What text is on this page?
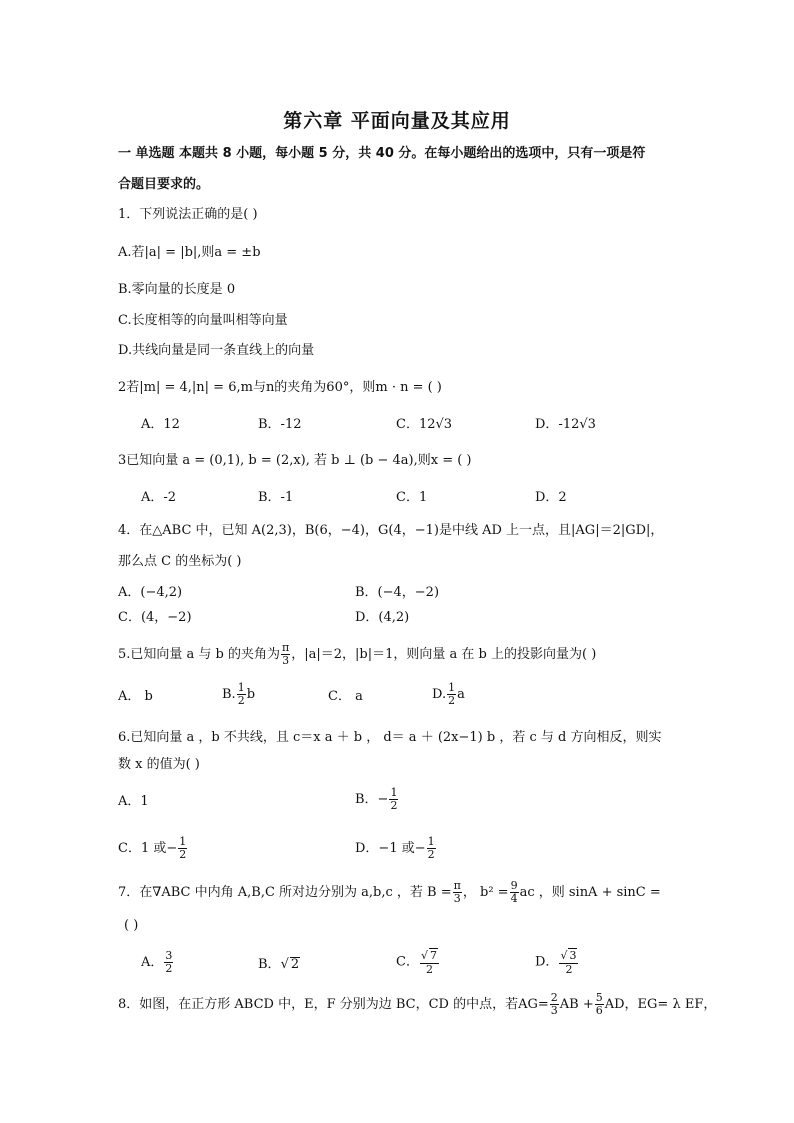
第六章 平面向量及其应用
一 单选题 本题共 8 小题，每小题 5 分，共 40 分。在每小题给出的选项中，只有一项是符
合题目要求的。
1．下列说法正确的是( )
A.若|a| = |b|,则a = ±b
B.零向量的长度是 0
C.长度相等的向量叫相等向量
D.共线向量是同一条直线上的向量
2若|m| = 4,|n| = 6,m与n的夹角为60°，则m · n = ( )
A．12	B．-12	C．12√3	D．-12√3
3已知向量 a = (0,1), b = (2,x), 若 b ⊥ (b − 4a),则x = ( )
A．-2	B．-1	C．1	D．2
4．在△ABC 中，已知 A(2,3)，B(6，−4)，G(4，−1)是中线 AD 上一点，且|AG|＝2|GD|，
那么点 C 的坐标为( )
A．(−4,2)	B．(−4，−2)
C．(4，−2)	D．(4,2)
5.已知向量 a 与 b 的夹角为 $\frac{\pi}{3}$ ，|a|＝2，|b|＝1，则向量 a 在 b 上的投影向量为( )
A． b	B. $\frac{1}{2}$ b	C． a	D. $\frac{1}{2}$ a
6.已知向量 a ，b 不共线，且 c＝x a ＋ b ， d＝ a ＋ (2x−1) b ，若 c 与 d 方向相反，则实
数 x 的值为( )
A．1	B．− $\frac{1}{2}$
C．1 或− $\frac{1}{2}$	D．−1 或− $\frac{1}{2}$
7．在∇ABC 中内角 A,B,C 所对边分别为 a,b,c ，若 $B = \frac{\pi}{3}$ ， $b^2 = \frac{9}{4}$ ac ，则 sinA + sinC =
( )
A． $\frac{3}{2}$	B．√ 2	C． $\frac{√ 7}{2}$	D． $\frac{√ 3}{2}$
8．如图，在正方形 ABCD 中，E，F 分别为边 BC，CD 的中点，若$AG= \frac{2}{3}$ AB + $\frac{5}{6}$ AD，EG= λ EF，
